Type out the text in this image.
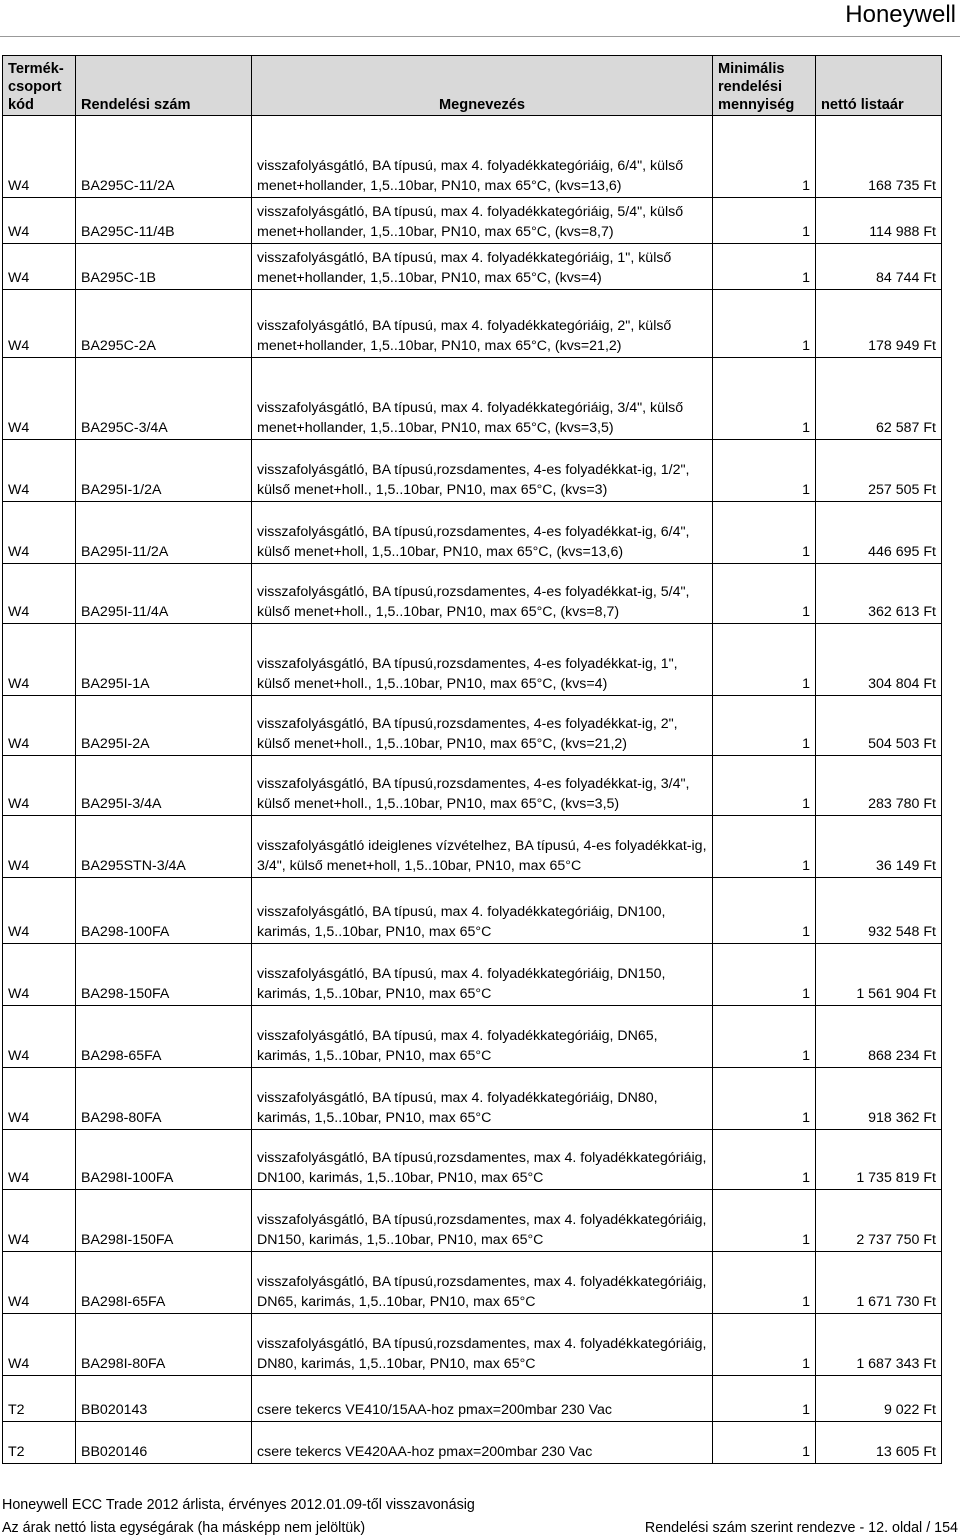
Honeywell
Termék-csoport kód	Rendelési szám	Megnevezés	Minimális rendelési mennyiség	nettó listaár
W4	BA295C-11/2A	visszafolyásgátló, BA típusú, max 4. folyadékkategóriáig, 6/4", külső menet+hollander, 1,5..10bar, PN10, max 65°C, (kvs=13,6)	1	168 735 Ft
W4	BA295C-11/4B	visszafolyásgátló, BA típusú, max 4. folyadékkategóriáig, 5/4", külső menet+hollander, 1,5..10bar, PN10, max 65°C, (kvs=8,7)	1	114 988 Ft
W4	BA295C-1B	visszafolyásgátló, BA típusú, max 4. folyadékkategóriáig, 1", külső menet+hollander, 1,5..10bar, PN10, max 65°C, (kvs=4)	1	84 744 Ft
W4	BA295C-2A	visszafolyásgátló, BA típusú, max 4. folyadékkategóriáig, 2", külső menet+hollander, 1,5..10bar, PN10, max 65°C, (kvs=21,2)	1	178 949 Ft
W4	BA295C-3/4A	visszafolyásgátló, BA típusú, max 4. folyadékkategóriáig, 3/4", külső menet+hollander, 1,5..10bar, PN10, max 65°C, (kvs=3,5)	1	62 587 Ft
W4	BA295I-1/2A	visszafolyásgátló, BA típusú,rozsdamentes, 4-es folyadékkat-ig, 1/2", külső menet+holl., 1,5..10bar, PN10, max 65°C, (kvs=3)	1	257 505 Ft
W4	BA295I-11/2A	visszafolyásgátló, BA típusú,rozsdamentes, 4-es folyadékkat-ig, 6/4", külső menet+holl, 1,5..10bar, PN10, max 65°C, (kvs=13,6)	1	446 695 Ft
W4	BA295I-11/4A	visszafolyásgátló, BA típusú,rozsdamentes, 4-es folyadékkat-ig, 5/4", külső menet+holl., 1,5..10bar, PN10, max 65°C, (kvs=8,7)	1	362 613 Ft
W4	BA295I-1A	visszafolyásgátló, BA típusú,rozsdamentes, 4-es folyadékkat-ig, 1", külső menet+holl., 1,5..10bar, PN10, max 65°C, (kvs=4)	1	304 804 Ft
W4	BA295I-2A	visszafolyásgátló, BA típusú,rozsdamentes, 4-es folyadékkat-ig, 2", külső menet+holl., 1,5..10bar, PN10, max 65°C, (kvs=21,2)	1	504 503 Ft
W4	BA295I-3/4A	visszafolyásgátló, BA típusú,rozsdamentes, 4-es folyadékkat-ig, 3/4", külső menet+holl., 1,5..10bar, PN10, max 65°C, (kvs=3,5)	1	283 780 Ft
W4	BA295STN-3/4A	visszafolyásgátló ideiglenes vízvételhez, BA típusú, 4-es folyadékkat-ig, 3/4", külső menet+holl, 1,5..10bar, PN10, max 65°C	1	36 149 Ft
W4	BA298-100FA	visszafolyásgátló, BA típusú, max 4. folyadékkategóriáig, DN100, karimás, 1,5..10bar, PN10, max 65°C	1	932 548 Ft
W4	BA298-150FA	visszafolyásgátló, BA típusú, max 4. folyadékkategóriáig, DN150, karimás, 1,5..10bar, PN10, max 65°C	1	1 561 904 Ft
W4	BA298-65FA	visszafolyásgátló, BA típusú, max 4. folyadékkategóriáig, DN65, karimás, 1,5..10bar, PN10, max 65°C	1	868 234 Ft
W4	BA298-80FA	visszafolyásgátló, BA típusú, max 4. folyadékkategóriáig, DN80, karimás, 1,5..10bar, PN10, max 65°C	1	918 362 Ft
W4	BA298I-100FA	visszafolyásgátló, BA típusú,rozsdamentes, max 4. folyadékkategóriáig, DN100, karimás, 1,5..10bar, PN10, max 65°C	1	1 735 819 Ft
W4	BA298I-150FA	visszafolyásgátló, BA típusú,rozsdamentes, max 4. folyadékkategóriáig, DN150, karimás, 1,5..10bar, PN10, max 65°C	1	2 737 750 Ft
W4	BA298I-65FA	visszafolyásgátló, BA típusú,rozsdamentes, max 4. folyadékkategóriáig, DN65, karimás, 1,5..10bar, PN10, max 65°C	1	1 671 730 Ft
W4	BA298I-80FA	visszafolyásgátló, BA típusú,rozsdamentes, max 4. folyadékkategóriáig, DN80, karimás, 1,5..10bar, PN10, max 65°C	1	1 687 343 Ft
T2	BB020143	csere tekercs VE410/15AA-hoz pmax=200mbar 230 Vac	1	9 022 Ft
T2	BB020146	csere tekercs VE420AA-hoz pmax=200mbar 230 Vac	1	13 605 Ft
Honeywell ECC Trade 2012 árlista, érvényes 2012.01.09-től visszavonásig
Az árak nettó lista egységárak (ha másképp nem jelöltük)	Rendelési szám szerint rendezve - 12. oldal / 154
